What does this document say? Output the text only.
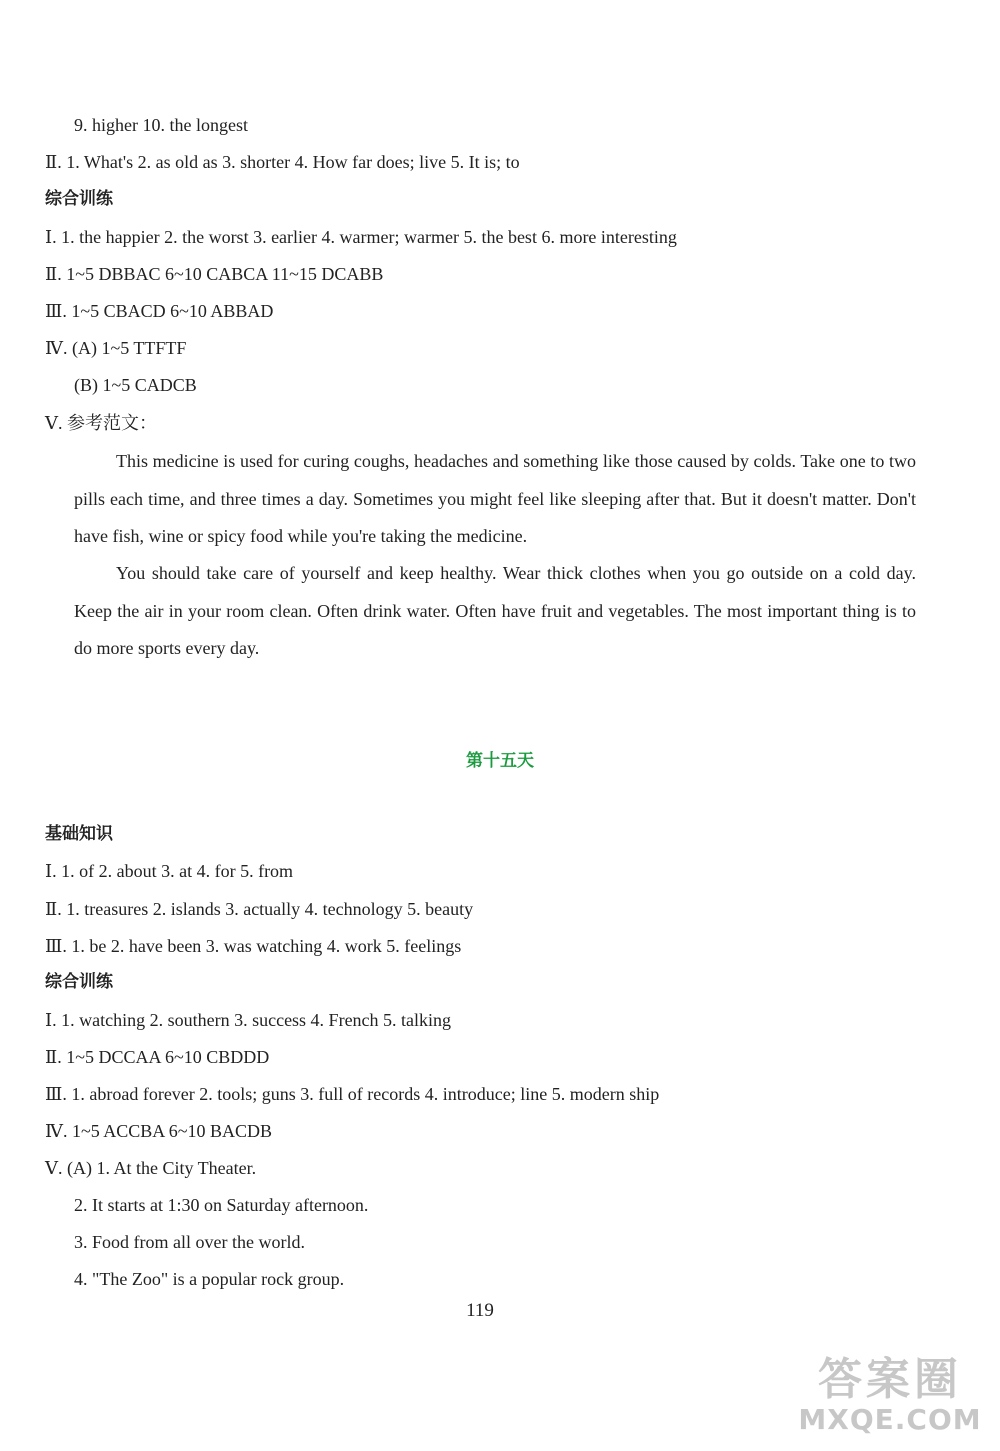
9. higher 10. the longest
Ⅱ. 1. What's 2. as old as 3. shorter 4. How far does; live 5. It is; to
综合训练
Ⅰ. 1. the happier 2. the worst 3. earlier 4. warmer; warmer 5. the best 6. more interesting
Ⅱ. 1~5 DBBAC 6~10 CABCA 11~15 DCABB
Ⅲ. 1~5 CBACD 6~10 ABBAD
Ⅳ. (A) 1~5 TTFTF
(B) 1~5 CADCB
Ⅴ. 参考范文：
This medicine is used for curing coughs, headaches and something like those caused by colds. Take one to two pills each time, and three times a day. Sometimes you might feel like sleeping after that. But it doesn't matter. Don't have fish, wine or spicy food while you're taking the medicine.
You should take care of yourself and keep healthy. Wear thick clothes when you go outside on a cold day. Keep the air in your room clean. Often drink water. Often have fruit and vegetables. The most important thing is to do more sports every day.
第十五天
基础知识
Ⅰ. 1. of 2. about 3. at 4. for 5. from
Ⅱ. 1. treasures 2. islands 3. actually 4. technology 5. beauty
Ⅲ. 1. be 2. have been 3. was watching 4. work 5. feelings
综合训练
Ⅰ. 1. watching 2. southern 3. success 4. French 5. talking
Ⅱ. 1~5 DCCAA 6~10 CBDDD
Ⅲ. 1. abroad forever 2. tools; guns 3. full of records 4. introduce; line 5. modern ship
Ⅳ. 1~5 ACCBA 6~10 BACDB
Ⅴ. (A) 1. At the City Theater.
2. It starts at 1:30 on Saturday afternoon.
3. Food from all over the world.
4. "The Zoo" is a popular rock group.
119
答案圈
MXQE.COM
